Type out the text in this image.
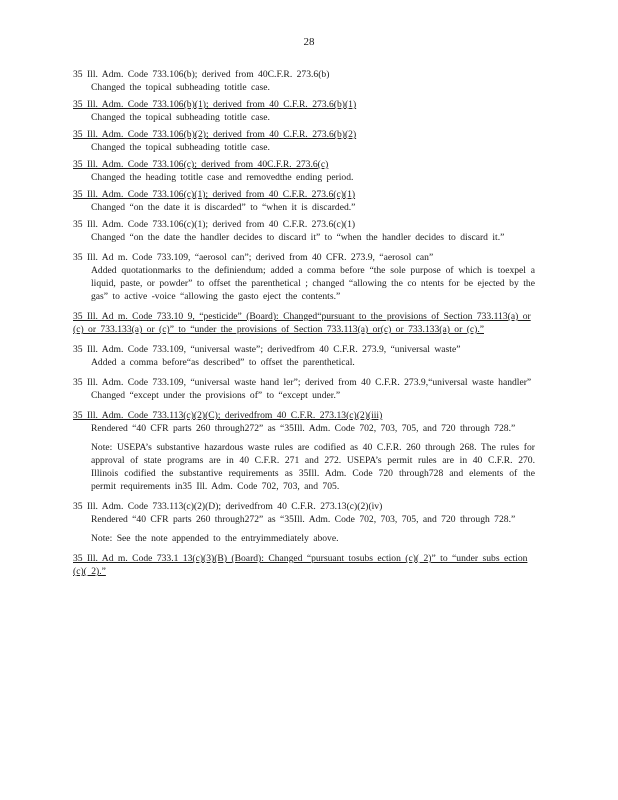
28
35 Ill. Adm. Code 733.106(b); derived from 40C.F.R. 273.6(b)
Changed the topical subheading totitle case.
35 Ill. Adm. Code 733.106(b)(1); derived from 40 C.F.R. 273.6(b)(1)
Changed the topical subheading totitle case.
35 Ill. Adm. Code 733.106(b)(2); derived from 40 C.F.R. 273.6(b)(2)
Changed the topical subheading totitle case.
35 Ill. Adm. Code 733.106(c); derived from 40C.F.R. 273.6(c)
Changed the heading totitle case and removedthe ending period.
35 Ill. Adm. Code 733.106(c)(1); derived from 40 C.F.R. 273.6(c)(1)
Changed “on the date it is discarded” to “when it is discarded.”
35 Ill. Adm. Code 733.106(c)(1); derived from 40 C.F.R. 273.6(c)(1)
Changed “on the date the handler decides to discard it” to “when the handler decides to discard it.”
35 Ill. Ad m. Code 733.109, “aerosol can”; derived from 40 CFR. 273.9, “aerosol can”
Added quotationmarks to the definiendum; added a comma before “the sole purpose of which is toexpel a liquid, paste, or powder” to offset the parenthetical ; changed “allowing the co ntents for be ejected by the gas” to active -voice “allowing the gasto eject the contents.”
35 Ill. Ad m. Code 733.10 9, “pesticide” (Board): Changed“pursuant to the provisions of Section 733.113(a) or (c) or 733.133(a) or (c)” to “under the provisions of Section 733.113(a) or(c) or 733.133(a) or (c).”
35 Ill. Adm. Code 733.109, “universal waste”; derivedfrom 40 C.F.R. 273.9, “universal waste”
Added a comma before“as described” to offset the parenthetical.
35 Ill. Adm. Code 733.109, “universal waste hand ler”; derived from 40 C.F.R. 273.9,“universal waste handler”
Changed “except under the provisions of” to “except under.”
35 Ill. Adm. Code 733.113(c)(2)(C); derivedfrom 40 C.F.R. 273.13(c)(2)(iii)
Rendered “40 CFR parts 260 through272” as “35Ill. Adm. Code 702, 703, 705, and 720 through 728.”
Note: USEPA’s substantive hazardous waste rules are codified as 40 C.F.R. 260 through 268. The rules for approval of state programs are in 40 C.F.R. 271 and 272. USEPA’s permit rules are in 40 C.F.R. 270. Illinois codified the substantive requirements as 35Ill. Adm. Code 720 through728 and elements of the permit requirements in35 Ill. Adm. Code 702, 703, and 705.
35 Ill. Adm. Code 733.113(c)(2)(D); derivedfrom 40 C.F.R. 273.13(c)(2)(iv)
Rendered “40 CFR parts 260 through272” as “35Ill. Adm. Code 702, 703, 705, and 720 through 728.”
Note: See the note appended to the entryimmediately above.
35 Ill. Ad m. Code 733.1 13(c)(3)(B) (Board): Changed “pursuant tosubs ection (c)( 2)” to “under subs ection (c)( 2).”
